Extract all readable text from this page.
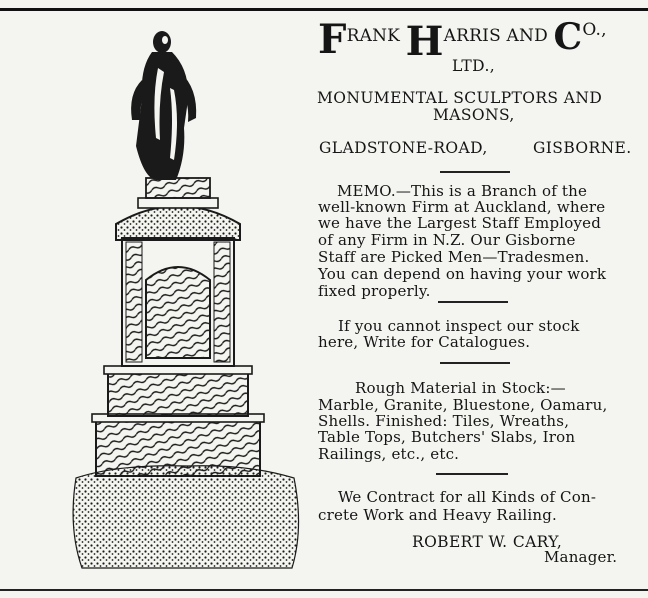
FRANK HARRIS AND CO.,
LTD.,
MONUMENTAL SCULPTORS AND
MASONS,
GLADSTONE-ROAD,	GISBORNE.
MEMO.—This is a Branch of the
well-known Firm at Auckland, where
we have the Largest Staff Employed
of any Firm in N.Z. Our Gisborne
Staff are Picked Men—Tradesmen.
You can depend on having your work
fixed properly.
If you cannot inspect our stock
here, Write for Catalogues.
Rough Material in Stock:—
Marble, Granite, Bluestone, Oamaru,
Shells. Finished: Tiles, Wreaths,
Table Tops, Butchers' Slabs, Iron
Railings, etc., etc.
We Contract for all Kinds of Con-
crete Work and Heavy Railing.
ROBERT W. CARY,
Manager.
